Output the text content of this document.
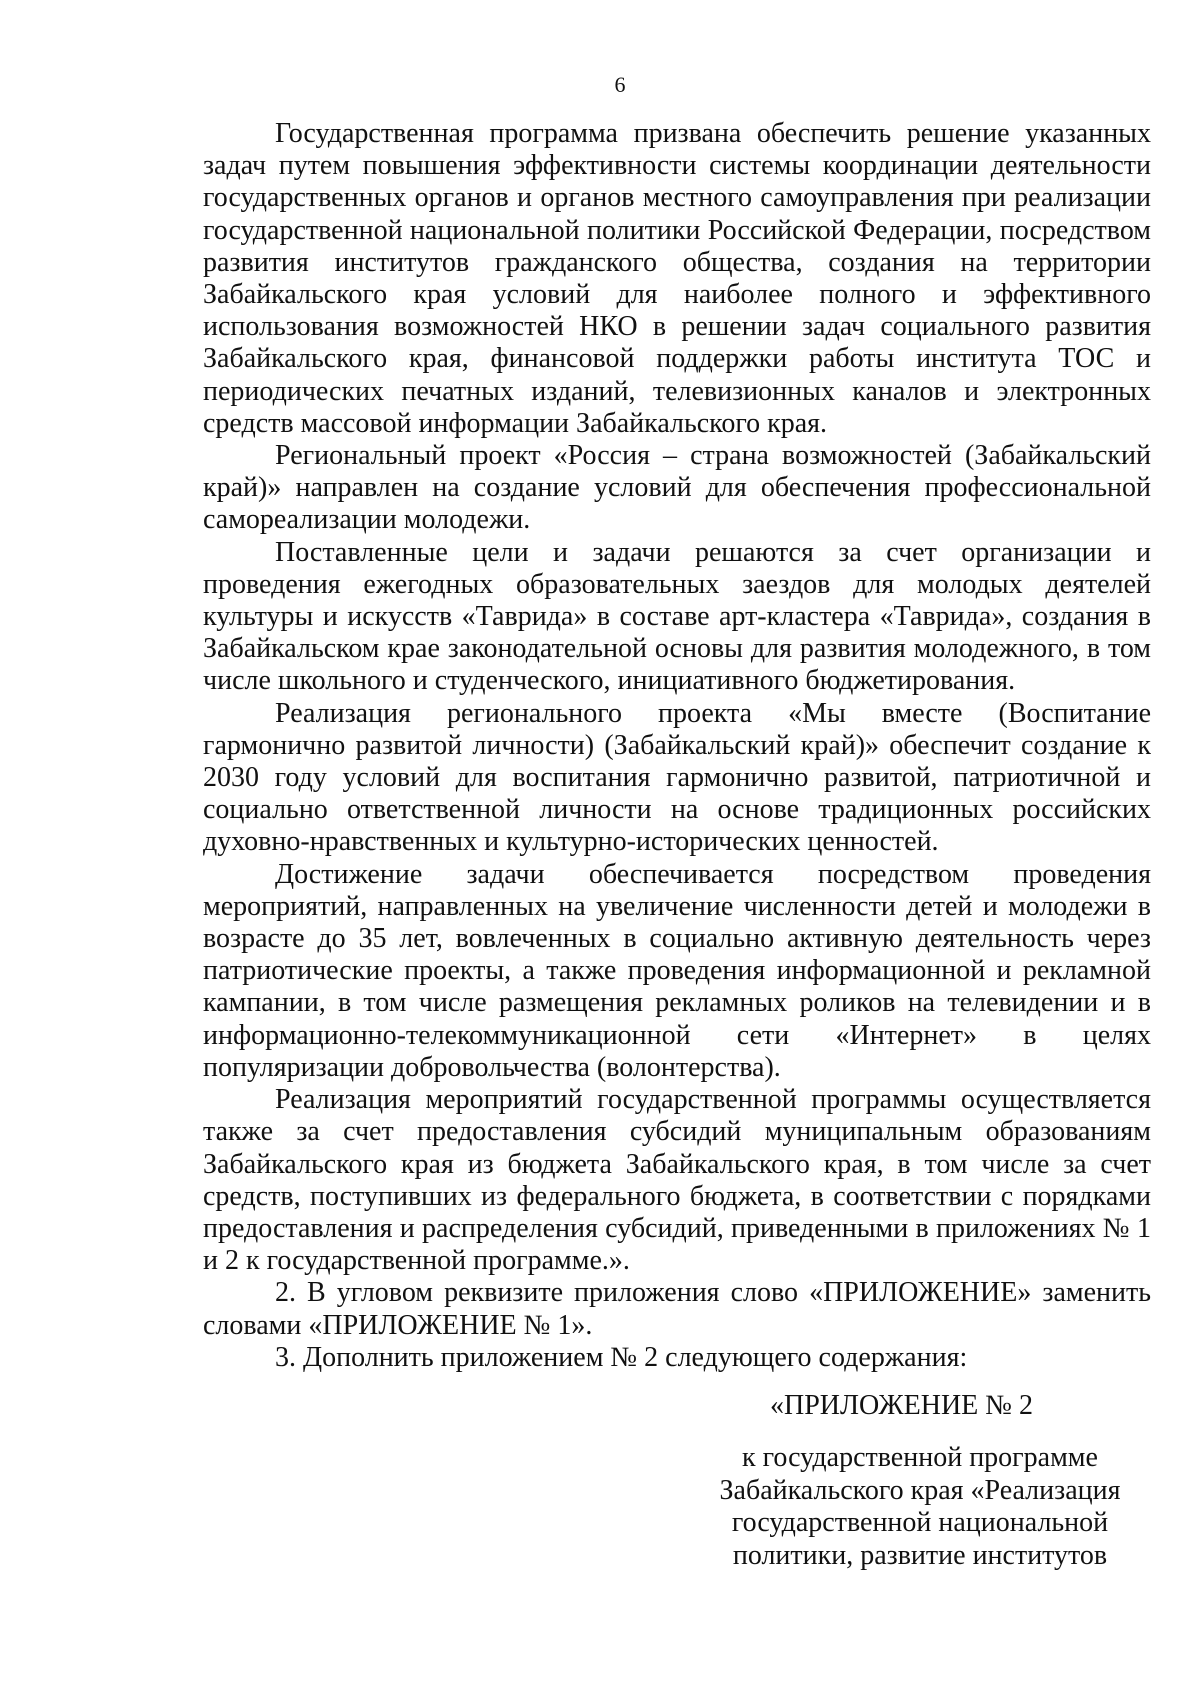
6

Государственная программа призвана обеспечить решение указанных задач путем повышения эффективности системы координации деятельности государственных органов и органов местного самоуправления при реализации государственной национальной политики Российской Федерации, посредством развития институтов гражданского общества, создания на территории Забайкальского края условий для наиболее полного и эффективного использования возможностей НКО в решении задач социального развития Забайкальского края, финансовой поддержки работы института ТОС и периодических печатных изданий, телевизионных каналов и электронных средств массовой информации Забайкальского края.

Региональный проект «Россия – страна возможностей (Забайкальский край)» направлен на создание условий для обеспечения профессиональной самореализации молодежи.

Поставленные цели и задачи решаются за счет организации и проведения ежегодных образовательных заездов для молодых деятелей культуры и искусств «Таврида» в составе арт-кластера «Таврида», создания в Забайкальском крае законодательной основы для развития молодежного, в том числе школьного и студенческого, инициативного бюджетирования.

Реализация регионального проекта «Мы вместе (Воспитание гармонично развитой личности) (Забайкальский край)» обеспечит создание к 2030 году условий для воспитания гармонично развитой, патриотичной и социально ответственной личности на основе традиционных российских духовно-нравственных и культурно-исторических ценностей.

Достижение задачи обеспечивается посредством проведения мероприятий, направленных на увеличение численности детей и молодежи в возрасте до 35 лет, вовлеченных в социально активную деятельность через патриотические проекты, а также проведения информационной и рекламной кампании, в том числе размещения рекламных роликов на телевидении и в информационно-телекоммуникационной сети «Интернет» в целях популяризации добровольчества (волонтерства).

Реализация мероприятий государственной программы осуществляется также за счет предоставления субсидий муниципальным образованиям Забайкальского края из бюджета Забайкальского края, в том числе за счет средств, поступивших из федерального бюджета, в соответствии с порядками предоставления и распределения субсидий, приведенными в приложениях № 1 и 2 к государственной программе.».

2. В угловом реквизите приложения слово «ПРИЛОЖЕНИЕ» заменить словами «ПРИЛОЖЕНИЕ № 1».

3. Дополнить приложением № 2 следующего содержания:

«ПРИЛОЖЕНИЕ № 2
к государственной программе Забайкальского края «Реализация государственной национальной политики, развитие институтов
